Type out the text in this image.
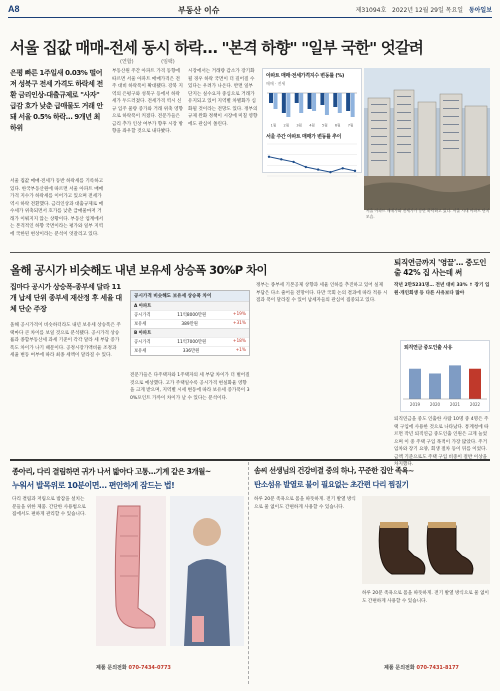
A8	부동산 이슈	제31094호 2022년 12월 29일 목요일 동아일보
서울 집값 매매-전세 동시 하락… "본격 하향" "일부 국한" 엇갈려
(연합)	(임팩)
은평 빠른 1주일새 0.03% 떨어져 성북구 전세 가격도 하락세 전환 금리인상-대출규제로 "사자" 급감 호가 낮춘 급매물도 거래 안돼 서울 0.5% 하락… 9개년 최하위
서울 집값 매매·전세가 동반 하락세를 기록하고 있다. 한국부동산원에 따르면 서울 아파트 매매가격 지수가 하락세를 이어가고 있으며 전세가 역시 하락 전환했다. 금리인상과 대출규제로 매수세가 위축되면서 호가를 낮춘 급매물마저 거래가 이뤄지지 않는 상황이다. 부동산 업계에서는 본격적인 하향 국면이라는 평가와 일부 지역에 국한된 현상이라는 분석이 엇갈리고 있다.
부동산원 주간 아파트 가격 동향에 따르면 서울 아파트 매매가격은 전주 대비 하락폭이 확대됐다. 강북 지역의 은평구와 성북구 등에서 하락세가 두드러졌다. 전세가격 역시 신규 입주 물량 증가와 거래 위축 영향으로 하락폭이 커졌다. 전문가들은 금리 추가 인상 여부가 향후 시장 방향을 좌우할 것으로 내다봤다.
시장에서는 거래량 감소가 장기화될 경우 하락 국면이 더 길어질 수 있다는 우려가 나온다. 반면 일부 단지는 실수요자 중심으로 거래가 유지되고 있어 지역별 차별화가 심화될 것이라는 전망도 있다. 정부의 규제 완화 정책이 시장에 미칠 영향에도 관심이 쏠린다.
아파트 매매·전세가격지수 변동률 (%)
매매 · 전세
1월 2월 3월 4월 5월 6월 7월
서울 주간 아파트 매매가 변동률 추이
서울 아파트 매매가와 전세가가 동반 하락하고 있다. 서울 시내 아파트 단지 모습.
올해 공시가 비슷해도 내년 보유세 상승폭 30%P 차이
집마다 공시가 상승폭-종부세 달라 11개 납세 단위 종부세 재산정 후 세율 대체 단순 주장
올해 공시가격이 비슷하더라도 내년 보유세 상승폭은 주택마다 큰 차이를 보일 것으로 분석됐다. 공시가격 상승률과 종합부동산세 과세 기준이 각각 달라 세 부담 증가폭도 차이가 나기 때문이다. 공정시장가액비율 조정과 세율 변동 여부에 따라 최종 세액이 달라질 수 있다.
전문가들은 다주택자와 1주택자의 세 부담 차이가 더 벌어질 것으로 예상했다. 고가 주택일수록 공시가격 현실화율 영향을 크게 받으며, 지역별 시세 변동에 따라 보유세 증가폭이 30%포인트 가까이 차이가 날 수 있다는 분석이다.
정부는 종부세 기본공제 상향과 세율 인하를 추진하고 있어 실제 부담은 다소 줄어들 전망이다. 다만 국회 논의 결과에 따라 적용 시점과 폭이 달라질 수 있어 납세자들의 관심이 집중되고 있다.
공시가격 비슷해도 보유세 상승폭 차이
A 아파트
공시가격	11억8000만원	+19%
보유세	389만원	+31%
B 아파트
공시가격	11억7000만원	+18%
보유세	336만원	+1%
퇴직연금까지 '영끌'… 중도인출 42% 집 사는데 써
작년 2만5231명… 전년 대비 33% ↑ 장기 입원·개인회생 등 다른 사유보다 많아
퇴직연금 중도인출 사유
2019 2020 2021 2022
퇴직연금을 중도 인출한 사람 10명 중 4명은 주택 구입에 사용한 것으로 나타났다. 통계청에 따르면 작년 퇴직연금 중도인출 인원은 크게 늘었으며 이 중 주택 구입 목적이 가장 많았다. 주거 임차와 장기 요양, 회생 절차 등이 뒤를 이었다. 금액 기준으로도 주택 구입 비중이 절반 이상을 차지했다.
종아리, 다리 결림하면 귀가 나서 밟아다 고통…기계 같은 3개월~
누워서 발목위로 10분이면… 편안하게 잠드는 법!
다리 결림과 저림으로 밤잠을 설치는 분들을 위한 제품. 간단한 사용법으로 집에서도 편하게 관리할 수 있습니다.
제품 문의전화 070-7434-0773
솜씨 선생님의 건강비결 중의 하나, 꾸준한 집안 족욕~
탄소섬유 발열로 불이 필요없는 초간편 다리 찜질기
하루 20분 족욕으로 몸을 따뜻하게. 전기 발열 방식으로 물 없이도 간편하게 사용할 수 있습니다.
하루 20분 족욕으로 몸을 따뜻하게. 전기 발열 방식으로 물 없이도 간편하게 사용할 수 있습니다.
제품 문의전화 070-7431-8177
